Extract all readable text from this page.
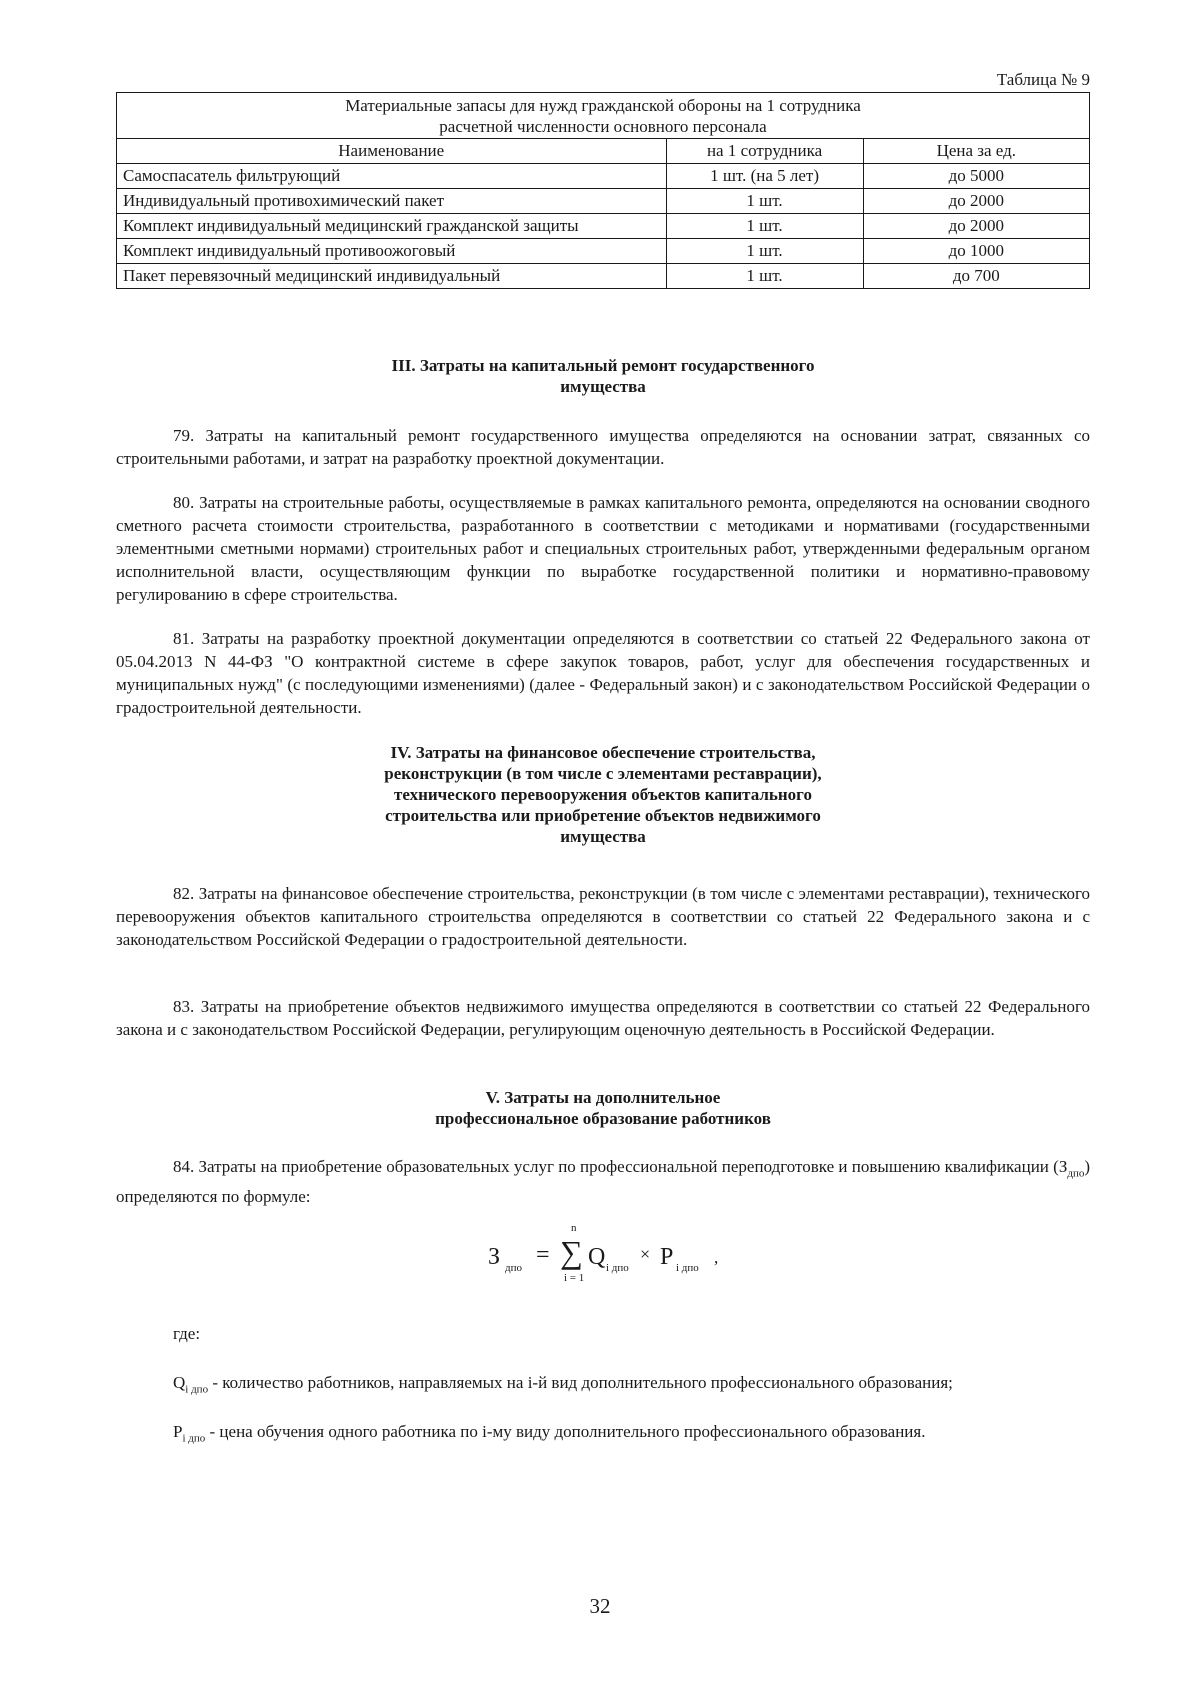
Таблица № 9
Материальные запасы для нужд гражданской обороны на 1 сотрудника
расчетной численности основного персонала		

Наименование	на 1 сотрудника	Цена за ед.
Самоспасатель фильтрующий	1 шт. (на 5 лет)	до 5000
Индивидуальный противохимический пакет	1 шт.	до 2000
Комплект индивидуальный медицинский гражданской защиты	1 шт.	до 2000
Комплект индивидуальный противоожоговый	1 шт.	до 1000
Пакет перевязочный медицинский индивидуальный	1 шт.	до 700
III. Затраты на капитальный ремонт государственного
имущества

79. Затраты на капитальный ремонт государственного имущества определяются на основании затрат, связанных со строительными работами, и затрат на разработку проектной документации.

80. Затраты на строительные работы, осуществляемые в рамках капитального ремонта, определяются на основании сводного сметного расчета стоимости строительства, разработанного в соответствии с методиками и нормативами (государственными элементными сметными нормами) строительных работ и специальных строительных работ, утвержденными федеральным органом исполнительной власти, осуществляющим функции по выработке государственной политики и нормативно-правовому регулированию в сфере строительства.

81. Затраты на разработку проектной документации определяются в соответствии со статьей 22 Федерального закона от 05.04.2013 N 44-ФЗ "О контрактной системе в сфере закупок товаров, работ, услуг для обеспечения государственных и муниципальных нужд" (с последующими изменениями) (далее - Федеральный закон) и с законодательством Российской Федерации о градостроительной деятельности.

IV. Затраты на финансовое обеспечение строительства,
реконструкции (в том числе с элементами реставрации),
технического перевооружения объектов капитального
строительства или приобретение объектов недвижимого
имущества

82. Затраты на финансовое обеспечение строительства, реконструкции (в том числе с элементами реставрации), технического перевооружения объектов капитального строительства определяются в соответствии со статьей 22 Федерального закона и с законодательством Российской Федерации о градостроительной деятельности.

83. Затраты на приобретение объектов недвижимого имущества определяются в соответствии со статьей 22 Федерального закона и с законодательством Российской Федерации, регулирующим оценочную деятельность в Российской Федерации.

V. Затраты на дополнительное
профессиональное образование работников

84. Затраты на приобретение образовательных услуг по профессиональной переподготовке и повышению квалификации $(З_{дпо})$ определяются по формуле:

З дпо =
n
∑
i = 1
Q i дпо
× P i дпо
,
где:
$Q_{i дпо}$ - количество работников, направляемых на i-й вид дополнительного профессионального образования;
$P_{i дпо}$ - цена обучения одного работника по i-му виду дополнительного профессионального образования.
32
